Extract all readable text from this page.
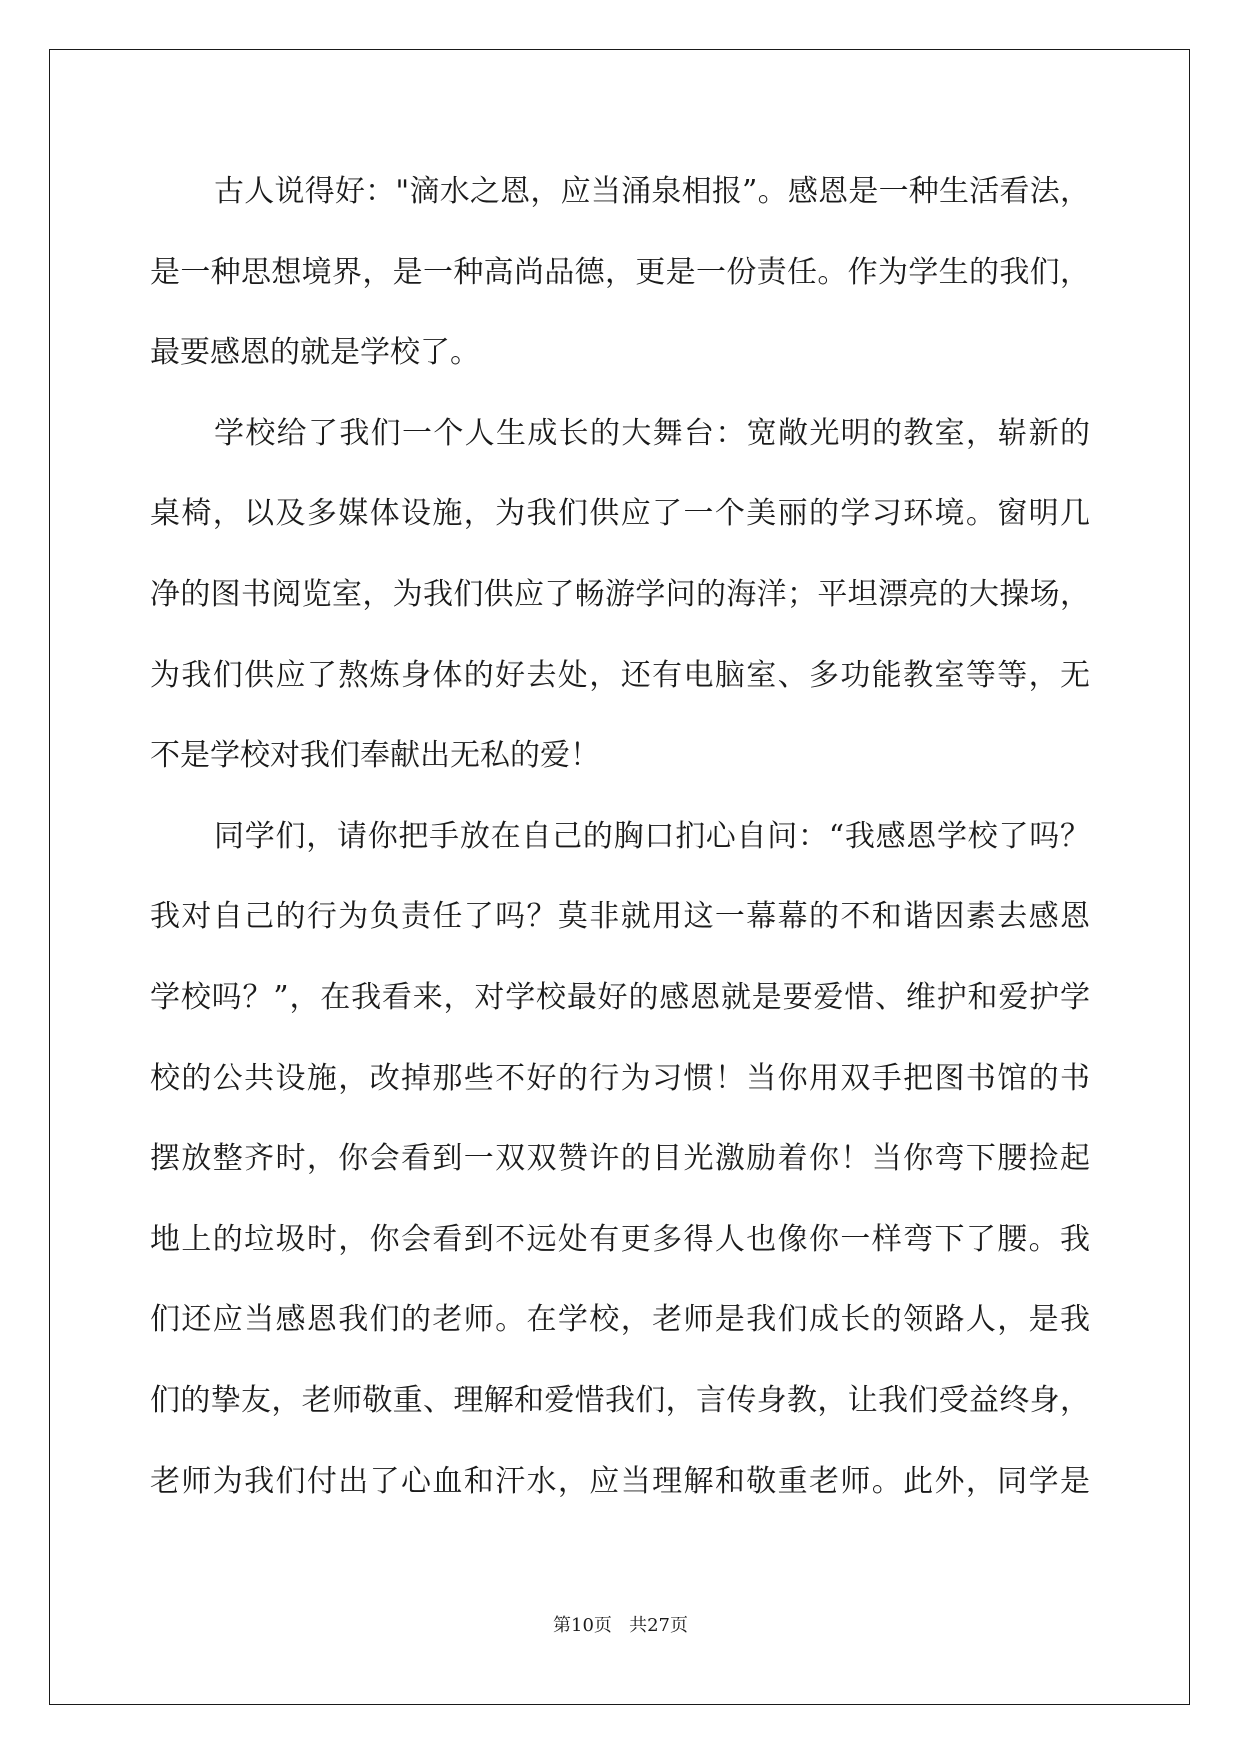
古人说得好："滴水之恩，应当涌泉相报”。感恩是一种生活看法，
是一种思想境界，是一种高尚品德，更是一份责任。作为学生的我们，
最要感恩的就是学校了。
学校给了我们一个人生成长的大舞台：宽敞光明的教室，崭新的
桌椅，以及多媒体设施，为我们供应了一个美丽的学习环境。窗明几
净的图书阅览室，为我们供应了畅游学问的海洋；平坦漂亮的大操场，
为我们供应了熬炼身体的好去处，还有电脑室、多功能教室等等，无
不是学校对我们奉献出无私的爱！
同学们，请你把手放在自己的胸口扪心自问：“我感恩学校了吗？
我对自己的行为负责任了吗？莫非就用这一幕幕的不和谐因素去感恩
学校吗？”，在我看来，对学校最好的感恩就是要爱惜、维护和爱护学
校的公共设施，改掉那些不好的行为习惯！当你用双手把图书馆的书
摆放整齐时，你会看到一双双赞许的目光激励着你！当你弯下腰捡起
地上的垃圾时，你会看到不远处有更多得人也像你一样弯下了腰。我
们还应当感恩我们的老师。在学校，老师是我们成长的领路人，是我
们的挚友，老师敬重、理解和爱惜我们，言传身教，让我们受益终身，
老师为我们付出了心血和汗水，应当理解和敬重老师。此外，同学是
第10页 共27页
